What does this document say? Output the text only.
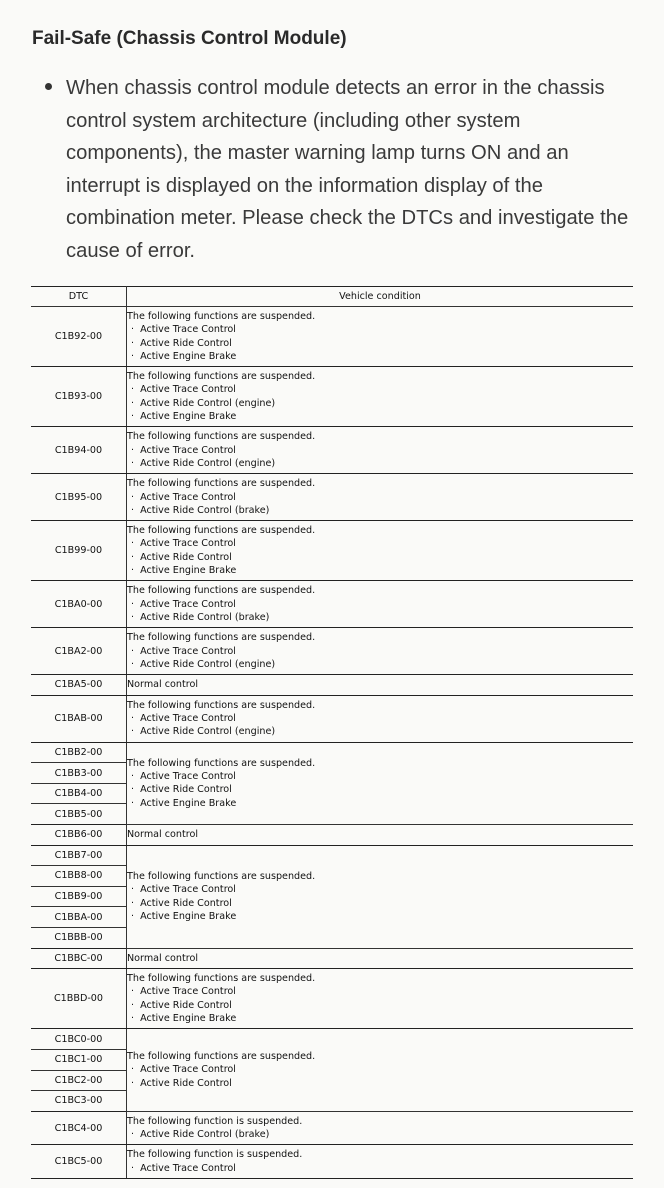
Fail-Safe (Chassis Control Module)
When chassis control module detects an error in the chassis control system architecture (including other system components), the master warning lamp turns ON and an interrupt is displayed on the information display of the combination meter. Please check the DTCs and investigate the cause of error.
DTC	Vehicle condition
C1B92-00	The following functions are suspended.
· Active Trace Control
· Active Ride Control
· Active Engine Brake

C1B93-00	The following functions are suspended.
· Active Trace Control
· Active Ride Control (engine)
· Active Engine Brake

C1B94-00	The following functions are suspended.
· Active Trace Control
· Active Ride Control (engine)

C1B95-00	The following functions are suspended.
· Active Trace Control
· Active Ride Control (brake)

C1B99-00	The following functions are suspended.
· Active Trace Control
· Active Ride Control
· Active Engine Brake

C1BA0-00	The following functions are suspended.
· Active Trace Control
· Active Ride Control (brake)

C1BA2-00	The following functions are suspended.
· Active Trace Control
· Active Ride Control (engine)

C1BA5-00	Normal control

C1BAB-00	The following functions are suspended.
· Active Trace Control
· Active Ride Control (engine)

C1BB2-00	The following functions are suspended.
· Active Trace Control
· Active Ride Control
· Active Engine Brake

C1BB3-00	
C1BB4-00	
C1BB5-00	
C1BB6-00	Normal control

C1BB7-00	The following functions are suspended.
· Active Trace Control
· Active Ride Control
· Active Engine Brake

C1BB8-00	
C1BB9-00	
C1BBA-00	
C1BBB-00	
C1BBC-00	Normal control

C1BBD-00	The following functions are suspended.
· Active Trace Control
· Active Ride Control
· Active Engine Brake

C1BC0-00	The following functions are suspended.
· Active Trace Control
· Active Ride Control

C1BC1-00	
C1BC2-00	
C1BC3-00	
C1BC4-00	The following function is suspended.
· Active Ride Control (brake)

C1BC5-00	The following function is suspended.
· Active Trace Control
